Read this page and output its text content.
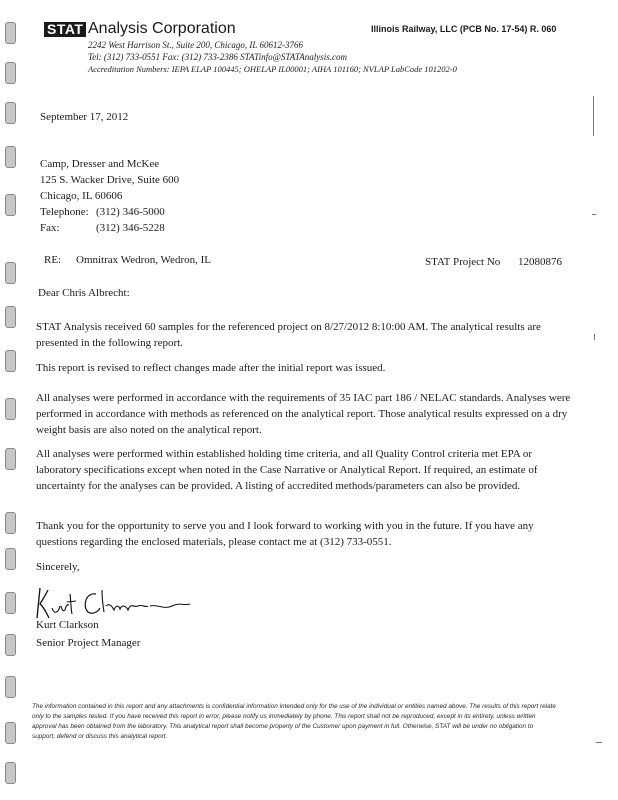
STAT Analysis Corporation	Illinois Railway, LLC (PCB No. 17-54) R. 060
2242 West Harrison St., Suite 200, Chicago, IL 60612-3766
Tel: (312) 733-0551 Fax: (312) 733-2386 STATinfo@STATAnalysis.com
Accreditation Numbers: IEPA ELAP 100445; OHELAP IL00001; AIHA 101160; NVLAP LabCode 101202-0
September 17, 2012
Camp, Dresser and McKee
125 S. Wacker Drive, Suite 600
Chicago, IL 60606
Telephone: (312) 346-5000
Fax:	(312) 346-5228
RE: Omnitrax Wedron, Wedron, IL	STAT Project No 12080876
Dear Chris Albrecht:
STAT Analysis received 60 samples for the referenced project on 8/27/2012 8:10:00 AM. The analytical results are presented in the following report.
This report is revised to reflect changes made after the initial report was issued.
All analyses were performed in accordance with the requirements of 35 IAC part 186 / NELAC standards. Analyses were performed in accordance with methods as referenced on the analytical report. Those analytical results expressed on a dry weight basis are also noted on the analytical report.
All analyses were performed within established holding time criteria, and all Quality Control criteria met EPA or laboratory specifications except when noted in the Case Narrative or Analytical Report. If required, an estimate of uncertainty for the analyses can be provided. A listing of accredited methods/parameters can also be provided.
Thank you for the opportunity to serve you and I look forward to working with you in the future. If you have any questions regarding the enclosed materials, please contact me at (312) 733-0551.
Sincerely,
Kurt Clarkson
Senior Project Manager
The information contained in this report and any attachments is confidential information intended only for the use of the individual or entities named above. The results of this report relate only to the samples tested. If you have received this report in error, please notify us immediately by phone. This report shall not be reproduced, except in its entirety, unless written approval has been obtained from the laboratory. This analytical report shall become property of the Customer upon payment in full. Otherwise, STAT will be under no obligation to support, defend or discuss this analytical report.
